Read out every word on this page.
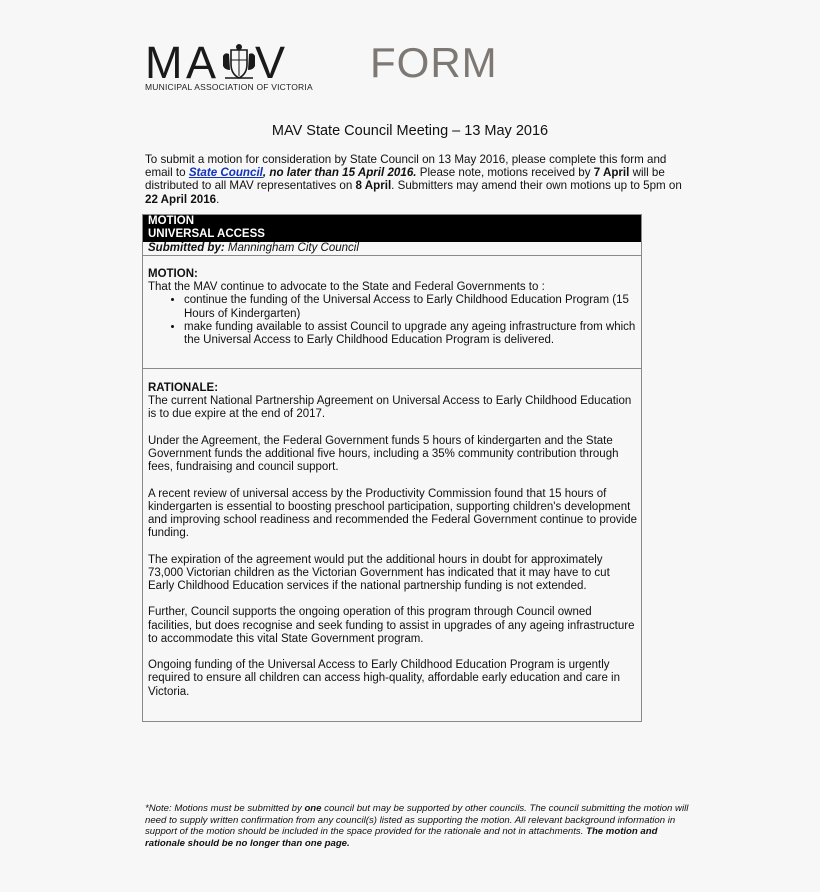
M A V
MUNICIPAL ASSOCIATION OF VICTORIA
FORM
MAV State Council Meeting – 13 May 2016
To submit a motion for consideration by State Council on 13 May 2016, please complete this form and email to State Council, no later than 15 April 2016. Please note, motions received by 7 April will be distributed to all MAV representatives on 8 April. Submitters may amend their own motions up to 5pm on 22 April 2016.
MOTION
UNIVERSAL ACCESS
Submitted by: Manningham City Council
MOTION:
That the MAV continue to advocate to the State and Federal Governments to :
• continue the funding of the Universal Access to Early Childhood Education Program (15 Hours of Kindergarten)
• make funding available to assist Council to upgrade any ageing infrastructure from which the Universal Access to Early Childhood Education Program is delivered.
RATIONALE:

The current National Partnership Agreement on Universal Access to Early Childhood Education is to due expire at the end of 2017.

Under the Agreement, the Federal Government funds 5 hours of kindergarten and the State Government funds the additional five hours, including a 35% community contribution through fees, fundraising and council support.

A recent review of universal access by the Productivity Commission found that 15 hours of kindergarten is essential to boosting preschool participation, supporting children's development and improving school readiness and recommended the Federal Government continue to provide funding.

The expiration of the agreement would put the additional hours in doubt for approximately 73,000 Victorian children as the Victorian Government has indicated that it may have to cut Early Childhood Education services if the national partnership funding is not extended.

Further, Council supports the ongoing operation of this program through Council owned facilities, but does recognise and seek funding to assist in upgrades of any ageing infrastructure to accommodate this vital State Government program.

Ongoing funding of the Universal Access to Early Childhood Education Program is urgently required to ensure all children can access high-quality, affordable early education and care in Victoria.

*Note: Motions must be submitted by one council but may be supported by other councils. The council submitting the motion will need to supply written confirmation from any council(s) listed as supporting the motion. All relevant background information in support of the motion should be included in the space provided for the rationale and not in attachments. The motion and rationale should be no longer than one page.
